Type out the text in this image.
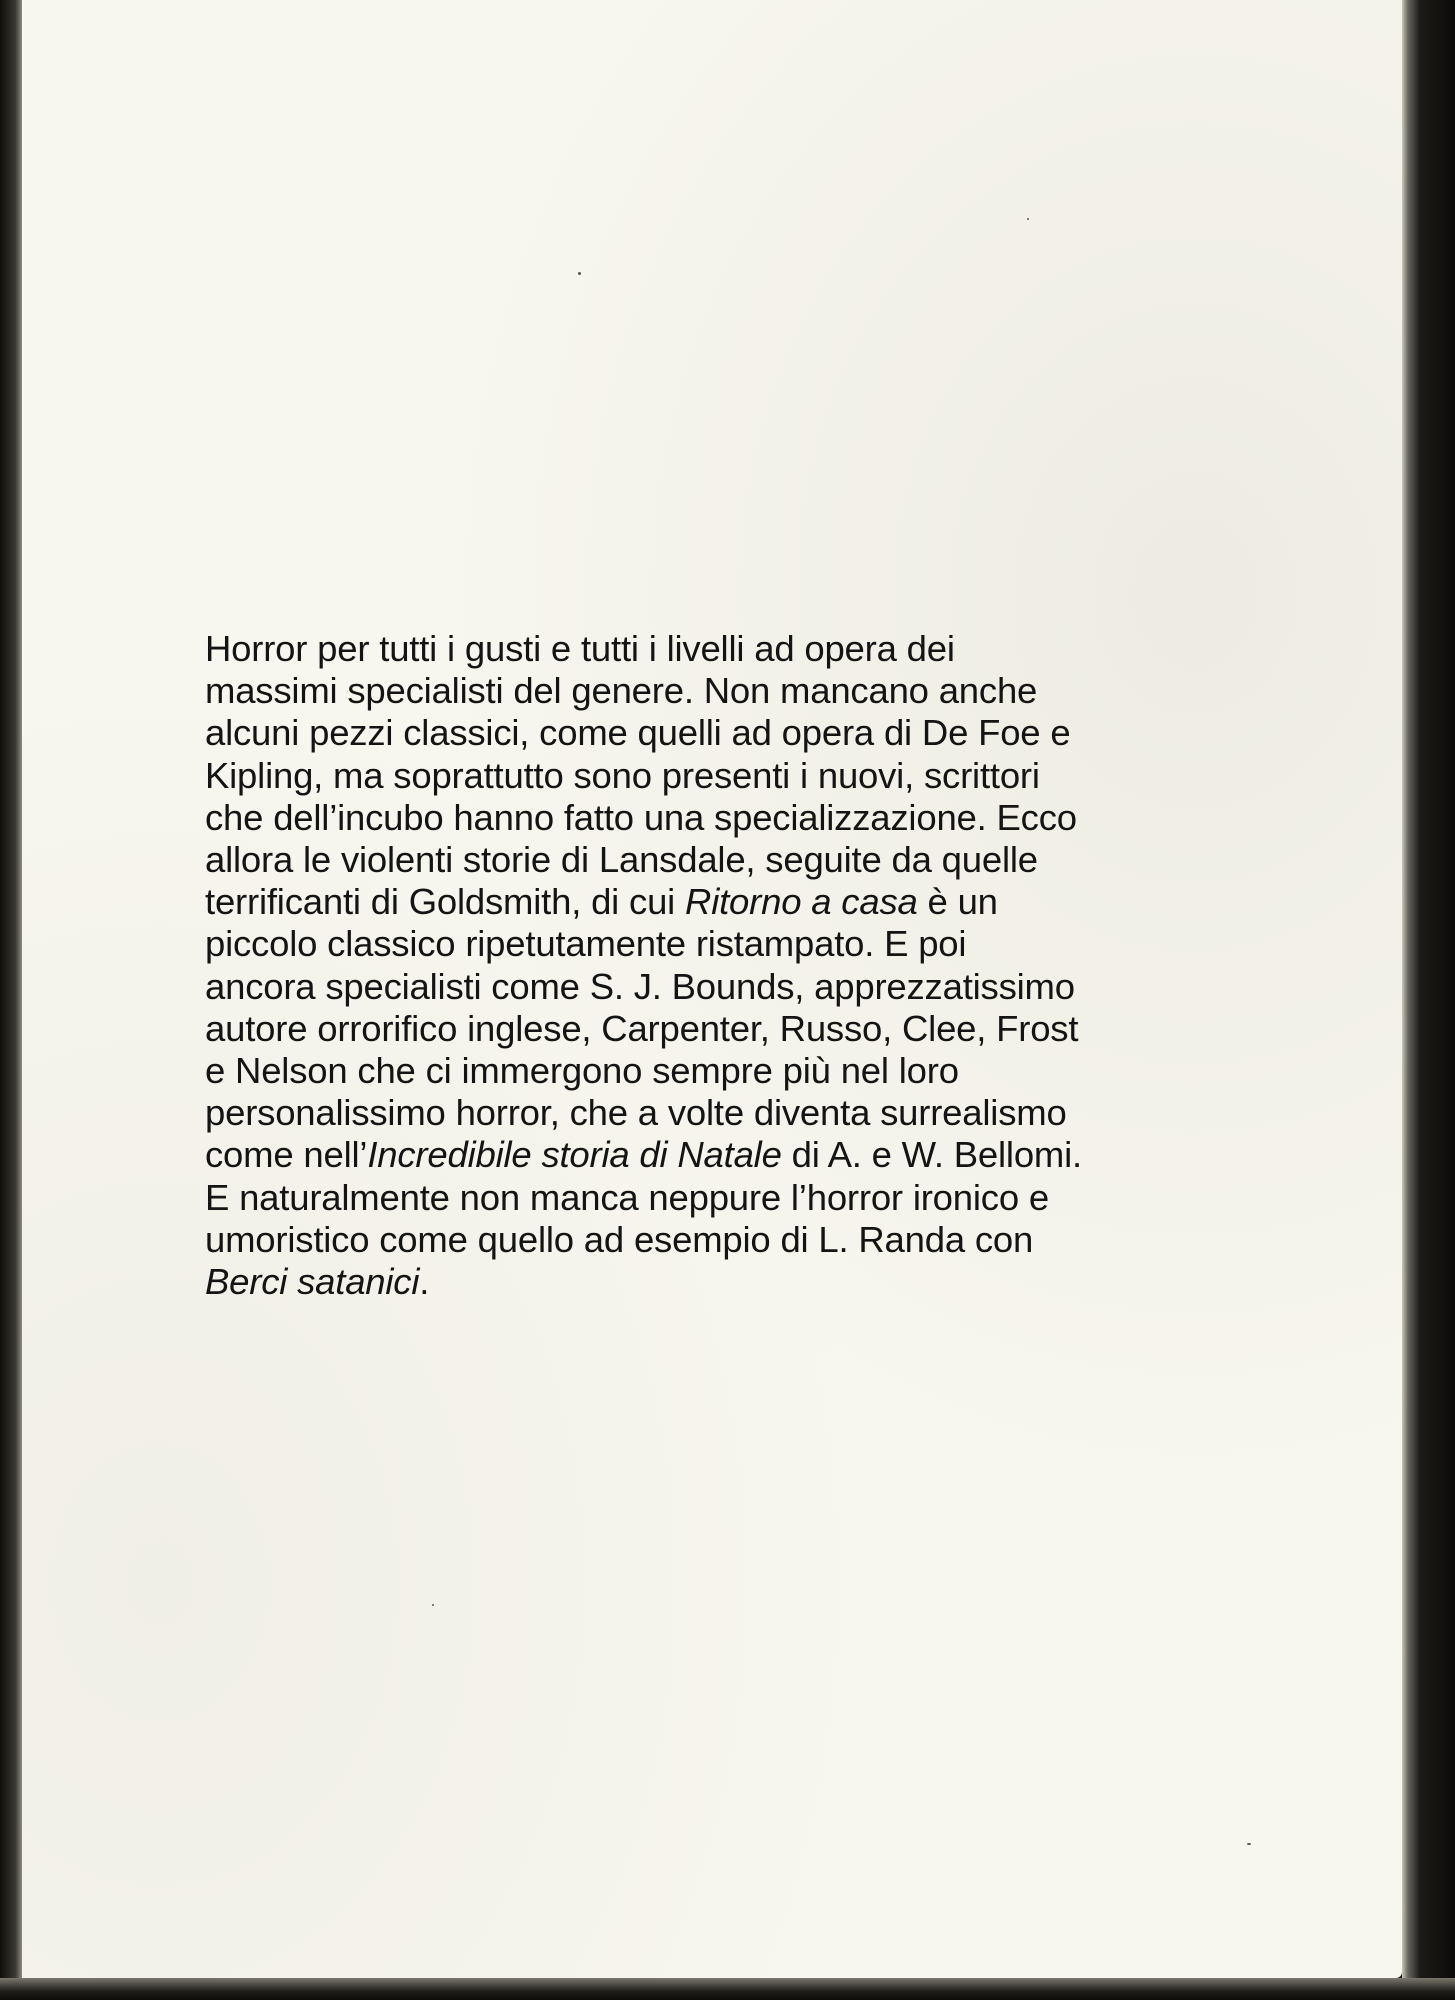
Horror per tutti i gusti e tutti i livelli ad opera dei
massimi specialisti del genere. Non mancano anche
alcuni pezzi classici, come quelli ad opera di De Foe e
Kipling, ma soprattutto sono presenti i nuovi, scrittori
che dell’incubo hanno fatto una specializzazione. Ecco
allora le violenti storie di Lansdale, seguite da quelle
terrificanti di Goldsmith, di cui Ritorno a casa è un
piccolo classico ripetutamente ristampato. E poi
ancora specialisti come S. J. Bounds, apprezzatissimo
autore orrorifico inglese, Carpenter, Russo, Clee, Frost
e Nelson che ci immergono sempre più nel loro
personalissimo horror, che a volte diventa surrealismo
come nell’Incredibile storia di Natale di A. e W. Bellomi.
E naturalmente non manca neppure l’horror ironico e
umoristico come quello ad esempio di L. Randa con
Berci satanici.
